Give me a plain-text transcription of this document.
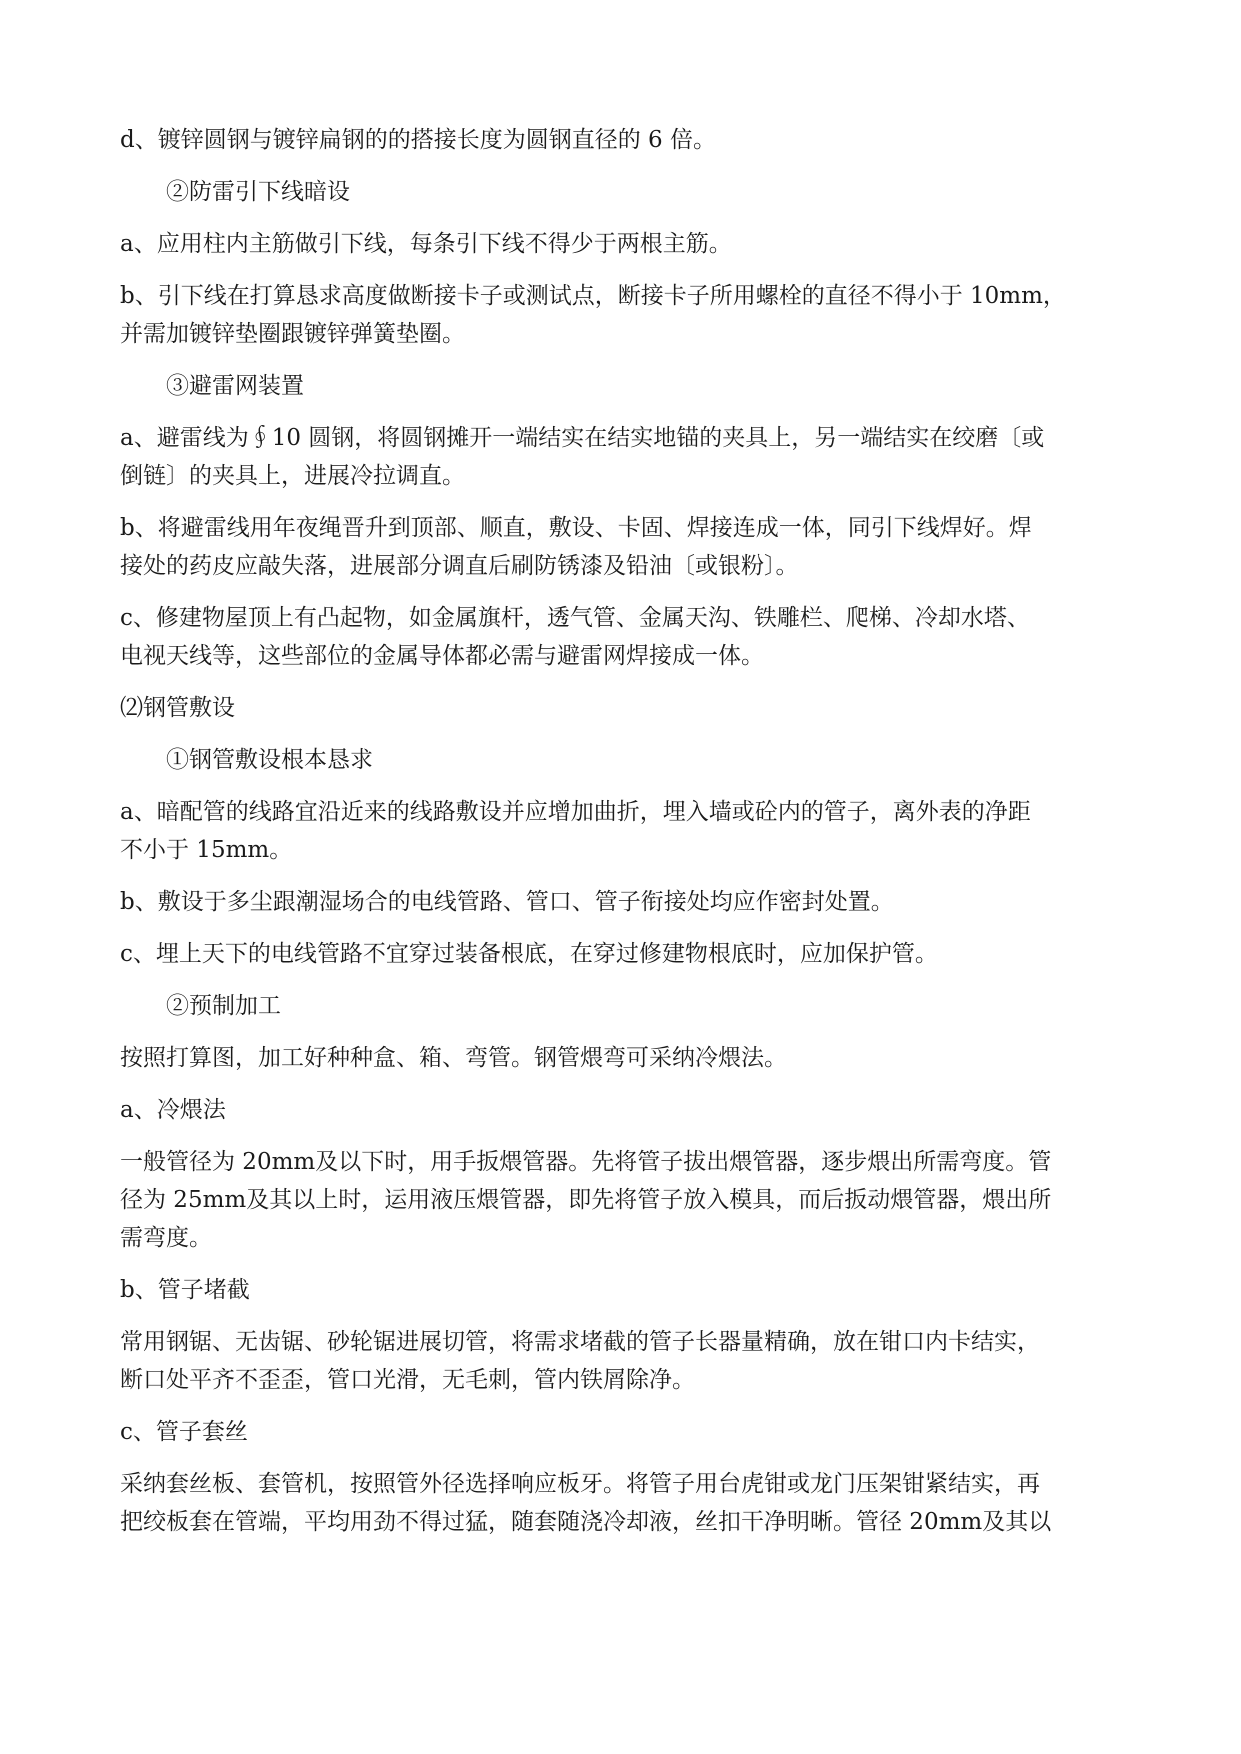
d、镀锌圆钢与镀锌扁钢的的搭接长度为圆钢直径的 6 倍。
②防雷引下线暗设
a、应用柱内主筋做引下线，每条引下线不得少于两根主筋。
b、引下线在打算恳求高度做断接卡子或测试点，断接卡子所用螺栓的直径不得小于 10mm，
并需加镀锌垫圈跟镀锌弹簧垫圈。
③避雷网装置
a、避雷线为∮10 圆钢，将圆钢摊开一端结实在结实地锚的夹具上，另一端结实在绞磨〔或
倒链〕的夹具上，进展冷拉调直。
b、将避雷线用年夜绳晋升到顶部、顺直，敷设、卡固、焊接连成一体，同引下线焊好。焊
接处的药皮应敲失落，进展部分调直后刷防锈漆及铅油〔或银粉〕。
c、修建物屋顶上有凸起物，如金属旗杆，透气管、金属天沟、铁雕栏、爬梯、冷却水塔、
电视天线等，这些部位的金属导体都必需与避雷网焊接成一体。
⑵钢管敷设
①钢管敷设根本恳求
a、暗配管的线路宜沿近来的线路敷设并应增加曲折，埋入墙或砼内的管子，离外表的净距
不小于 15mm。
b、敷设于多尘跟潮湿场合的电线管路、管口、管子衔接处均应作密封处置。
c、埋上天下的电线管路不宜穿过装备根底，在穿过修建物根底时，应加保护管。
②预制加工
按照打算图，加工好种种盒、箱、弯管。钢管煨弯可采纳冷煨法。
a、冷煨法
一般管径为 20mm及以下时，用手扳煨管器。先将管子拔出煨管器，逐步煨出所需弯度。管
径为 25mm及其以上时，运用液压煨管器，即先将管子放入模具，而后扳动煨管器，煨出所
需弯度。
b、管子堵截
常用钢锯、无齿锯、砂轮锯进展切管，将需求堵截的管子长器量精确，放在钳口内卡结实，
断口处平齐不歪歪，管口光滑，无毛刺，管内铁屑除净。
c、管子套丝
采纳套丝板、套管机，按照管外径选择响应板牙。将管子用台虎钳或龙门压架钳紧结实，再
把绞板套在管端，平均用劲不得过猛，随套随浇冷却液，丝扣干净明晰。管径 20mm及其以
